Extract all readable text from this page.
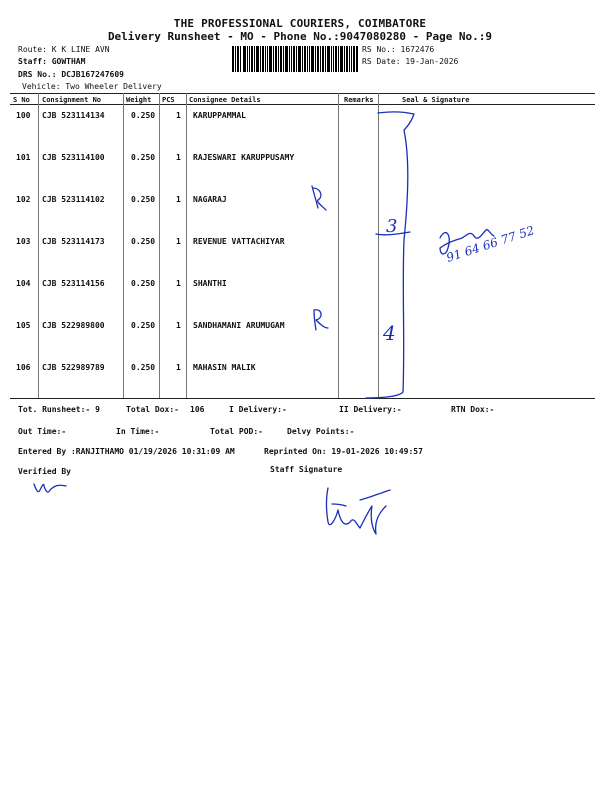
THE PROFESSIONAL COURIERS, COIMBATORE
Delivery Runsheet - MO - Phone No.:9047080280 - Page No.:9
Route: K K LINE AVN
Staff: GOWTHAM
DRS No.: DCJB167247609
Vehicle: Two Wheeler Delivery
RS No.: 1672476
RS Date: 19-Jan-2026
S No Consignment No	Weight PCS Consignee Details	Remarks	Seal & Signature
100 CJB 523114134	0.250	1 KARUPPAMMAL
101 CJB 523114100	0.250	1 RAJESWARI KARUPPUSAMY
102 CJB 523114102	0.250	1 NAGARAJ
103 CJB 523114173	0.250	1 REVENUE VATTACHIYAR
104 CJB 523114156	0.250	1 SHANTHI
105 CJB 522989800	0.250	1 SANDHAMANI ARUMUGAM
106 CJB 522989789	0.250	1 MAHASIN MALIK
Tot. Runsheet:- 9	Total Dox:- 106	I Delivery:-	II Delivery:-	RTN Dox:-
Out Time:-	In Time:-	Total POD:-	Delvy Points:-
Entered By :RANJITHAMO 01/19/2026 10:31:09 AM	Reprinted On: 19-01-2026 10:49:57
Verified By	Staff Signature
3
4
91 64 66 77 52
